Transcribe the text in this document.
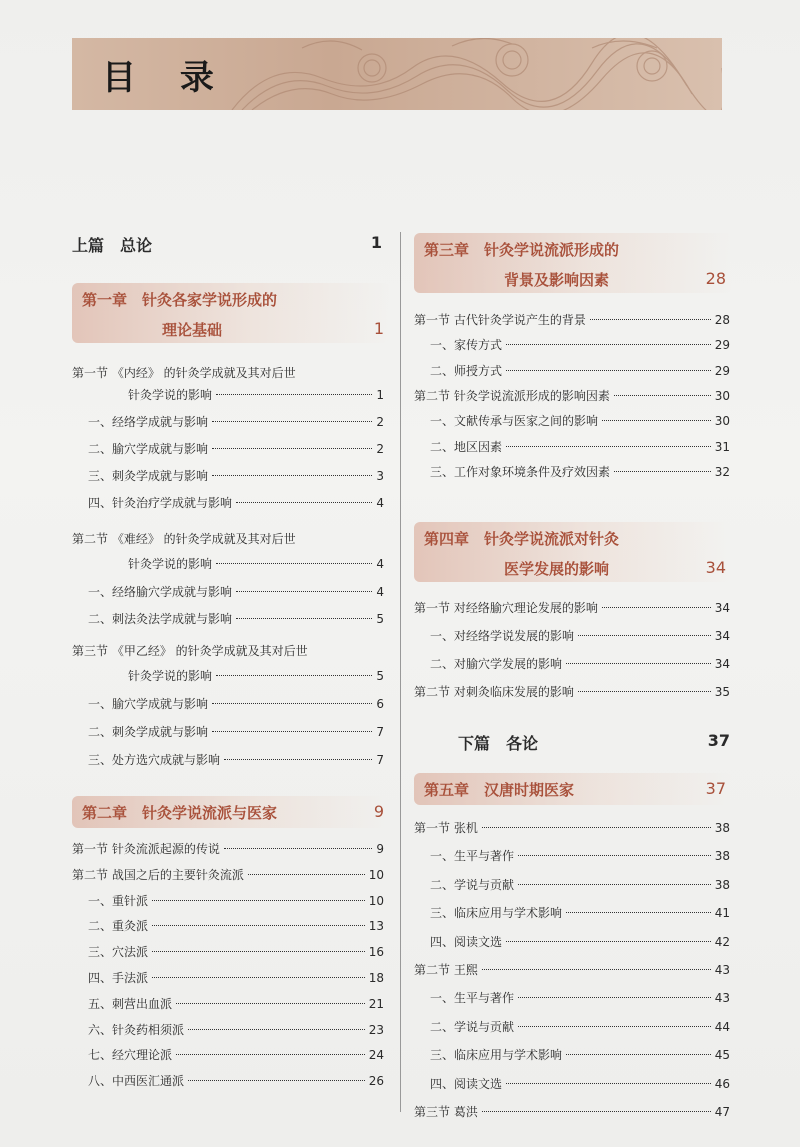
目 录
上篇　总论	1
第一章　针灸各家学说形成的
理论基础	1
第一节 《内经》 的针灸学成就及其对后世
针灸学说的影响	1
一、经络学成就与影响	2
二、腧穴学成就与影响	2
三、刺灸学成就与影响	3
四、针灸治疗学成就与影响	4
第二节 《难经》 的针灸学成就及其对后世
针灸学说的影响	4
一、经络腧穴学成就与影响	4
二、刺法灸法学成就与影响	5
第三节 《甲乙经》 的针灸学成就及其对后世
针灸学说的影响	5
一、腧穴学成就与影响	6
二、刺灸学成就与影响	7
三、处方选穴成就与影响	7
第二章　针灸学说流派与医家	9
第一节 针灸流派起源的传说	9
第二节 战国之后的主要针灸流派	10
一、重针派	10
二、重灸派	13
三、穴法派	16
四、手法派	18
五、刺营出血派	21
六、针灸药相须派	23
七、经穴理论派	24
八、中西医汇通派	26
第三章　针灸学说流派形成的
背景及影响因素	28
第一节 古代针灸学说产生的背景	28
一、家传方式	29
二、师授方式	29
第二节 针灸学说流派形成的影响因素	30
一、文献传承与医家之间的影响	30
二、地区因素	31
三、工作对象环境条件及疗效因素	32
第四章　针灸学说流派对针灸
医学发展的影响	34
第一节 对经络腧穴理论发展的影响	34
一、对经络学说发展的影响	34
二、对腧穴学发展的影响	34
第二节 对刺灸临床发展的影响	35
下篇　各论	37
第五章　汉唐时期医家	37
第一节 张机	38
一、生平与著作	38
二、学说与贡献	38
三、临床应用与学术影响	41
四、阅读文选	42
第二节 王熙	43
一、生平与著作	43
二、学说与贡献	44
三、临床应用与学术影响	45
四、阅读文选	46
第三节 葛洪	47
